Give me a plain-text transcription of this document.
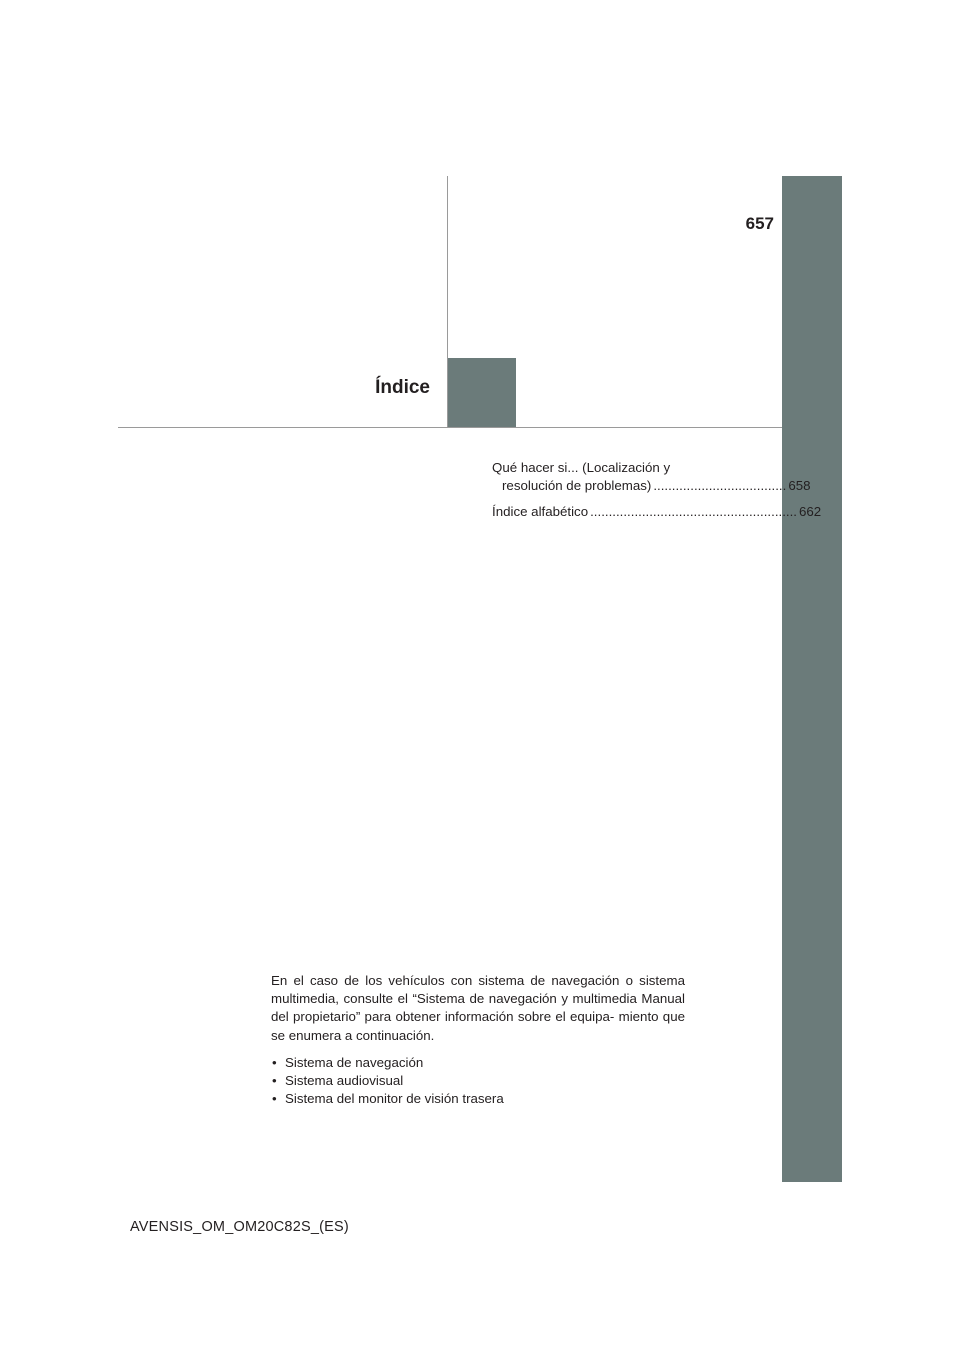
657
Índice
Qué hacer si... (Localización y
resolución de problemas) .................................... 658
Índice alfabético ........................................................ 662

En el caso de los vehículos con sistema de navegación o sistema multimedia, consulte el “Sistema de navegación y multimedia Manual del propietario” para obtener información sobre el equipa- miento que se enumera a continuación.

• Sistema de navegación
• Sistema audiovisual
• Sistema del monitor de visión trasera
AVENSIS_OM_OM20C82S_(ES)
